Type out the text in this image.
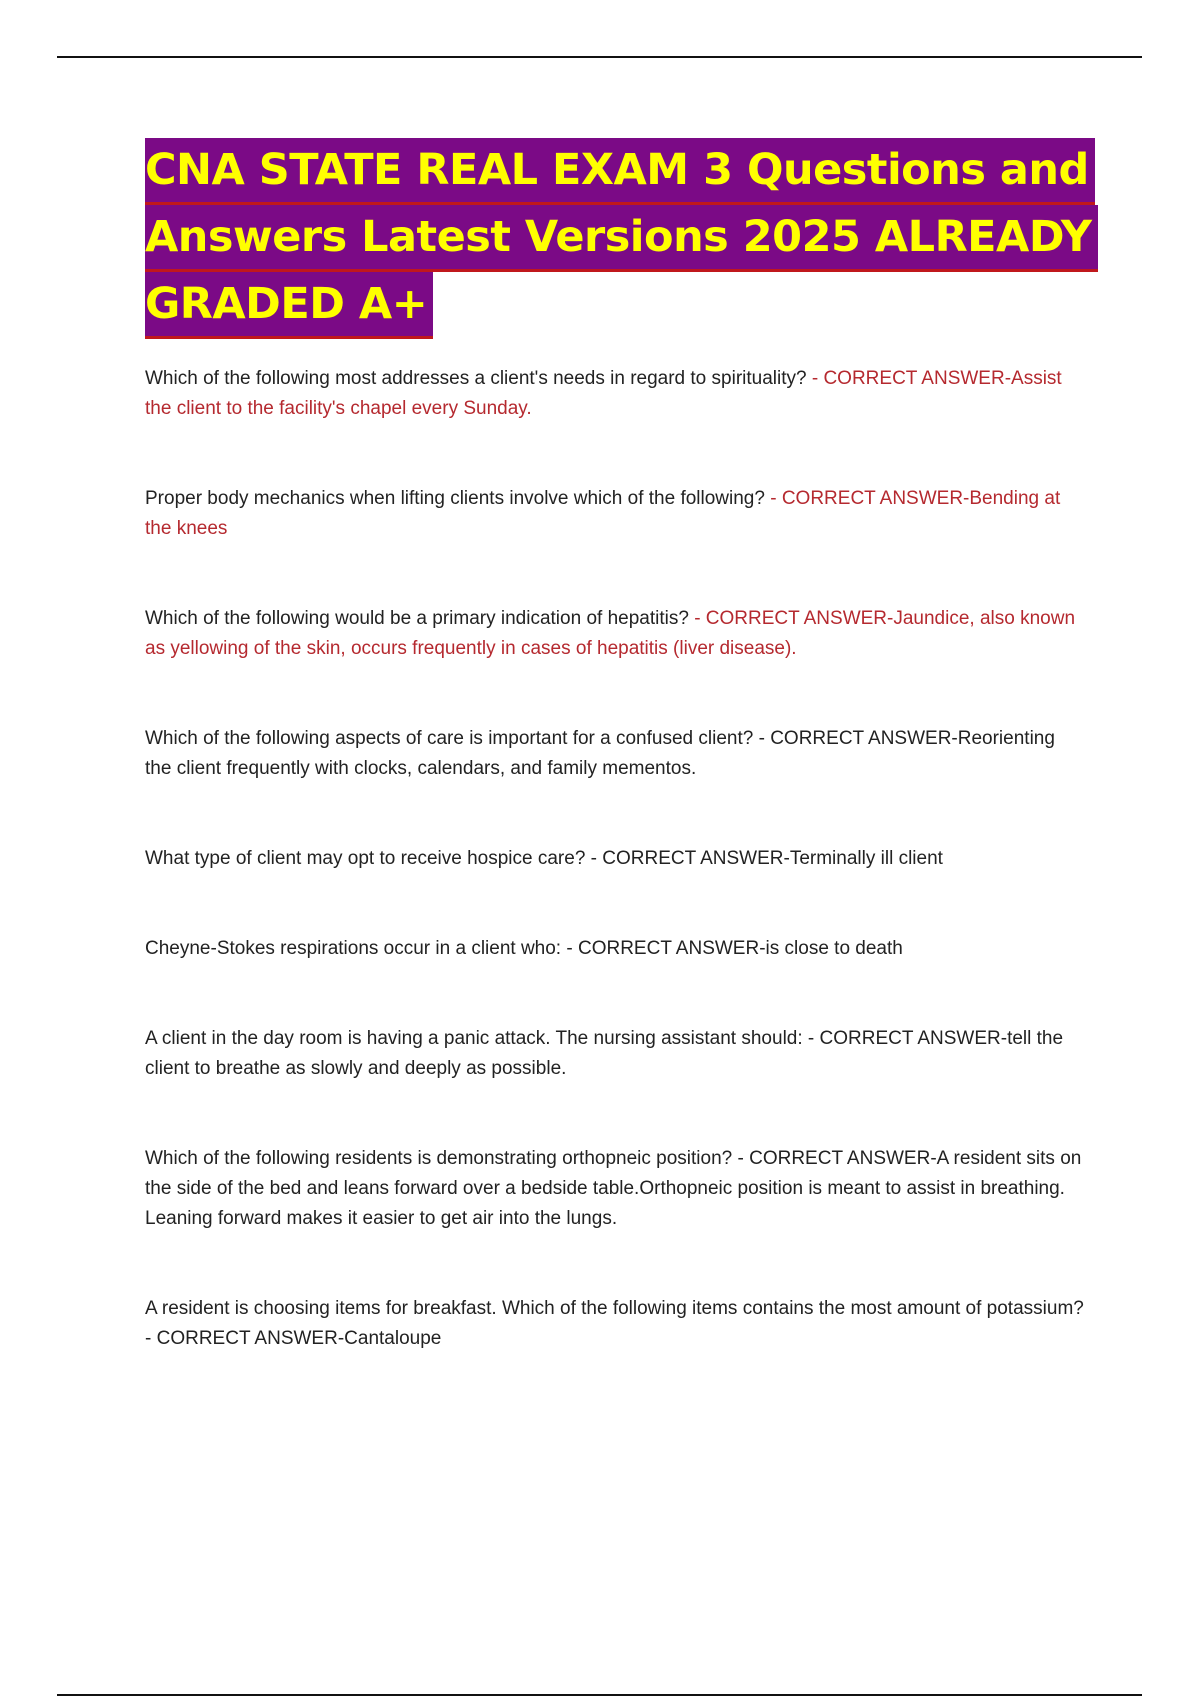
CNA STATE REAL EXAM 3 Questions and
Answers Latest Versions 2025 ALREADY
GRADED A+

Which of the following most addresses a client's needs in regard to spirituality? - CORRECT ANSWER-Assist the client to the facility's chapel every Sunday.

Proper body mechanics when lifting clients involve which of the following? - CORRECT ANSWER-Bending at the knees

Which of the following would be a primary indication of hepatitis? - CORRECT ANSWER-Jaundice, also known as yellowing of the skin, occurs frequently in cases of hepatitis (liver disease).

Which of the following aspects of care is important for a confused client? - CORRECT ANSWER-Reorienting the client frequently with clocks, calendars, and family mementos.

What type of client may opt to receive hospice care? - CORRECT ANSWER-Terminally ill client

Cheyne-Stokes respirations occur in a client who: - CORRECT ANSWER-is close to death

A client in the day room is having a panic attack. The nursing assistant should: - CORRECT ANSWER-tell the client to breathe as slowly and deeply as possible.

Which of the following residents is demonstrating orthopneic position? - CORRECT ANSWER-A resident sits on the side of the bed and leans forward over a bedside table.Orthopneic position is meant to assist in breathing. Leaning forward makes it easier to get air into the lungs.

A resident is choosing items for breakfast. Which of the following items contains the most amount of potassium? - CORRECT ANSWER-Cantaloupe
